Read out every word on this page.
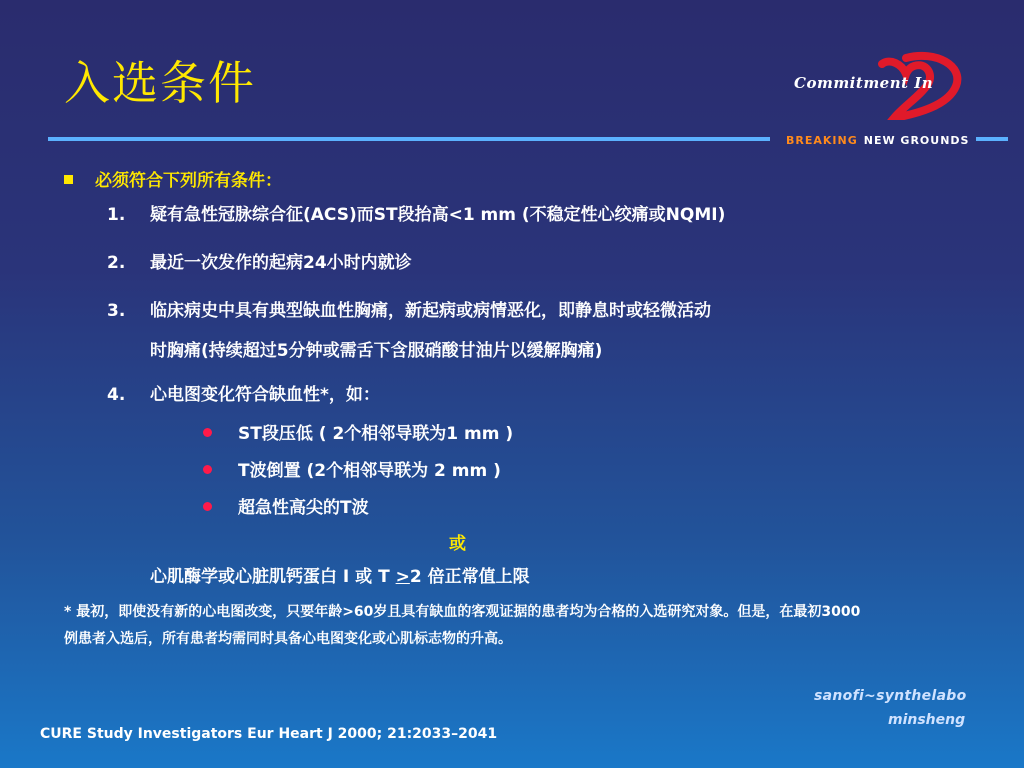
入选条件	Commitment In
BREAKING NEW GROUNDS
必须符合下列所有条件：
1. 疑有急性冠脉综合征(ACS)而ST段抬高<1 mm (不稳定性心绞痛或NQMI)
2. 最近一次发作的起病24小时内就诊
3. 临床病史中具有典型缺血性胸痛，新起病或病情恶化，即静息时或轻微活动
时胸痛(持续超过5分钟或需舌下含服硝酸甘油片以缓解胸痛)
4. 心电图变化符合缺血性*，如：
ST段压低 ( 2个相邻导联为1 mm )
T波倒置 (2个相邻导联为 2 mm )
超急性高尖的T波
或
心肌酶学或心脏肌钙蛋白 I 或 T ≥2 倍正常值上限
* 最初，即使没有新的心电图改变，只要年龄>60岁且具有缺血的客观证据的患者均为合格的入选研究对象。但是，在最初3000例患者入选后，所有患者均需同时具备心电图变化或心肌标志物的升高。
sanofi~synthelabo
minsheng
CURE Study Investigators Eur Heart J 2000; 21:2033–2041
